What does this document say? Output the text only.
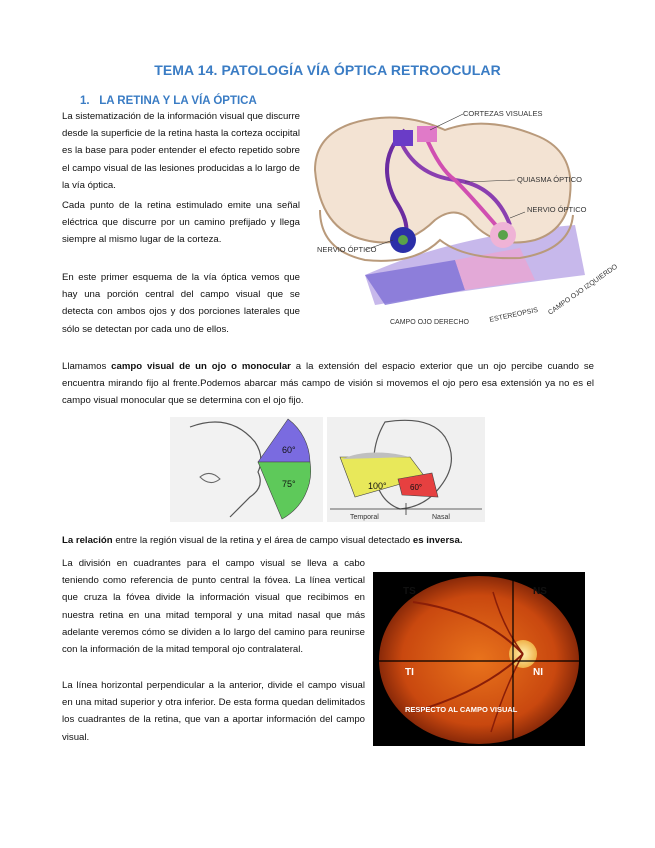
TEMA 14. PATOLOGÍA VÍA ÓPTICA RETROOCULAR
1. LA RETINA Y LA VÍA ÓPTICA

La sistematización de la información visual que discurre desde la superficie de la retina hasta la corteza occipital es la base para poder entender el efecto repetido sobre el campo visual de las lesiones producidas a lo largo de la vía óptica.

Cada punto de la retina estimulado emite una señal eléctrica que discurre por un camino prefijado y llega siempre al mismo lugar de la corteza.

En este primer esquema de la vía óptica vemos que hay una porción central del campo visual que se detecta con ambos ojos y dos porciones laterales que sólo se detectan por cada uno de ellos.

CORTEZAS VISUALES
QUIASMA ÓPTICO
NERVIO ÓPTICO
NERVIO ÓPTICO
CAMPO OJO DERECHO	ESTEREOPSIS CAMPO OJO IZQUIERDO

Llamamos campo visual de un ojo o monocular a la extensión del espacio exterior que un ojo percibe cuando se encuentra mirando fijo al frente.Podemos abarcar más campo de visión si movemos el ojo pero esa extensión ya no es el campo visual monocular que se determina con el ojo fijo.

60°
75°	100°	60°
Temporal	Nasal

La relación entre la región visual de la retina y el área de campo visual detectado es inversa.

La división en cuadrantes para el campo visual se lleva a cabo teniendo como referencia de punto central la fóvea. La línea vertical que cruza la fóvea divide la información visual que recibimos en nuestra retina en una mitad temporal y una mitad nasal que más adelante veremos cómo se dividen a lo largo del camino para reunirse con la información de la mitad temporal ojo contralateral.

La línea horizontal perpendicular a la anterior, divide el campo visual en una mitad superior y otra inferior. De esta forma quedan delimitados los cuadrantes de la retina, que van a aportar información del campo visual.

TS	NS
TI	NI
RESPECTO AL CAMPO VISUAL
